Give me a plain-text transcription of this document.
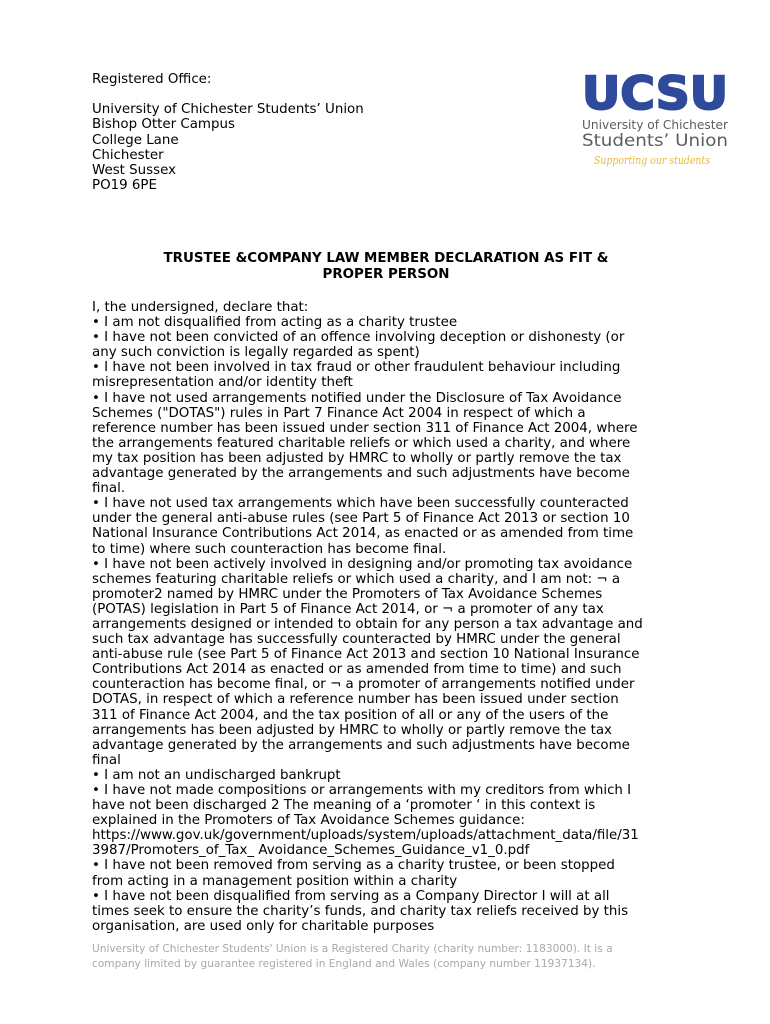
Registered Office:
University of Chichester Students’ Union
Bishop Otter Campus
College Lane
Chichester
West Sussex
PO19 6PE
UCSU
University of Chichester
Students’ Union
Supporting our students
TRUSTEE &COMPANY LAW MEMBER DECLARATION AS FIT &
PROPER PERSON
I, the undersigned, declare that:
• I am not disqualified from acting as a charity trustee
• I have not been convicted of an offence involving deception or dishonesty (or
any such conviction is legally regarded as spent)
• I have not been involved in tax fraud or other fraudulent behaviour including
misrepresentation and/or identity theft
• I have not used arrangements notified under the Disclosure of Tax Avoidance
Schemes ("DOTAS") rules in Part 7 Finance Act 2004 in respect of which a
reference number has been issued under section 311 of Finance Act 2004, where
the arrangements featured charitable reliefs or which used a charity, and where
my tax position has been adjusted by HMRC to wholly or partly remove the tax
advantage generated by the arrangements and such adjustments have become
final.
• I have not used tax arrangements which have been successfully counteracted
under the general anti-abuse rules (see Part 5 of Finance Act 2013 or section 10
National Insurance Contributions Act 2014, as enacted or as amended from time
to time) where such counteraction has become final.
• I have not been actively involved in designing and/or promoting tax avoidance
schemes featuring charitable reliefs or which used a charity, and I am not: ¬ a
promoter2 named by HMRC under the Promoters of Tax Avoidance Schemes
(POTAS) legislation in Part 5 of Finance Act 2014, or ¬ a promoter of any tax
arrangements designed or intended to obtain for any person a tax advantage and
such tax advantage has successfully counteracted by HMRC under the general
anti-abuse rule (see Part 5 of Finance Act 2013 and section 10 National Insurance
Contributions Act 2014 as enacted or as amended from time to time) and such
counteraction has become final, or ¬ a promoter of arrangements notified under
DOTAS, in respect of which a reference number has been issued under section
311 of Finance Act 2004, and the tax position of all or any of the users of the
arrangements has been adjusted by HMRC to wholly or partly remove the tax
advantage generated by the arrangements and such adjustments have become
final
• I am not an undischarged bankrupt
• I have not made compositions or arrangements with my creditors from which I
have not been discharged 2 The meaning of a ‘promoter ‘ in this context is
explained in the Promoters of Tax Avoidance Schemes guidance:
https://www.gov.uk/government/uploads/system/uploads/attachment_data/file/31
3987/Promoters_of_Tax_ Avoidance_Schemes_Guidance_v1_0.pdf
• I have not been removed from serving as a charity trustee, or been stopped
from acting in a management position within a charity
• I have not been disqualified from serving as a Company Director I will at all
times seek to ensure the charity’s funds, and charity tax reliefs received by this
organisation, are used only for charitable purposes
University of Chichester Students' Union is a Registered Charity (charity number: 1183000). It is a
company limited by guarantee registered in England and Wales (company number 11937134).
